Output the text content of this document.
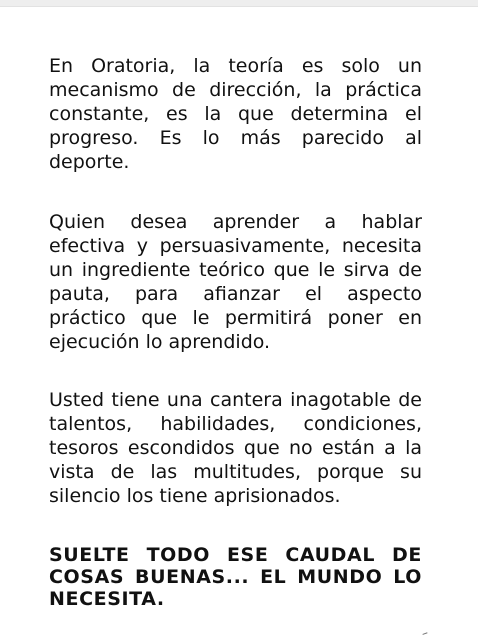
En Oratoria, la teoría es solo un mecanismo de dirección, la práctica constante, es la que determina el progreso. Es lo más parecido al deporte.

Quien desea aprender a hablar efectiva y persuasivamente, necesita un ingrediente teórico que le sirva de pauta, para afianzar el aspecto práctico que le permitirá poner en ejecución lo aprendido.

Usted tiene una cantera inagotable de talentos, habilidades, condiciones, tesoros escondidos que no están a la vista de las multitudes, porque su silencio los tiene aprisionados.

SUELTE TODO ESE CAUDAL DE COSAS BUENAS... EL MUNDO LO NECESITA.
